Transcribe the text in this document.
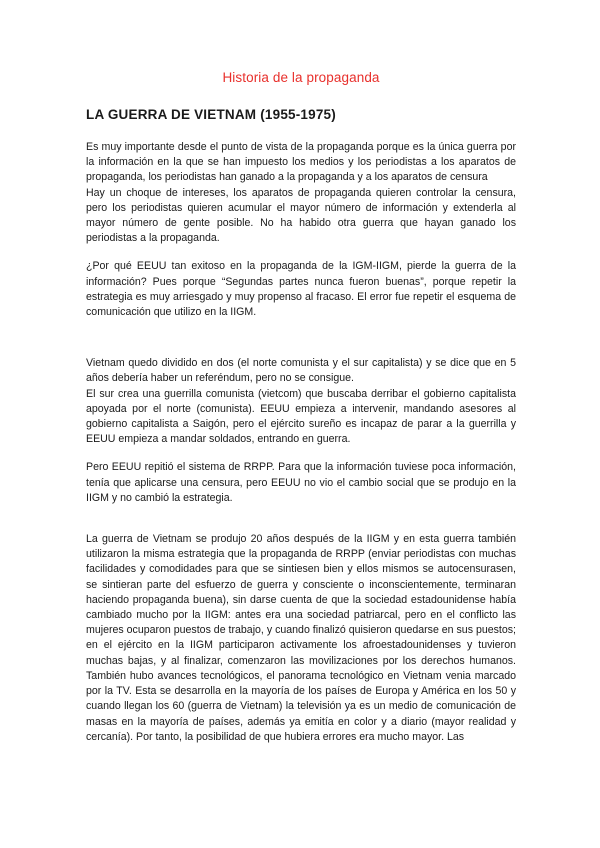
Historia de la propaganda
LA GUERRA DE VIETNAM (1955-1975)

Es muy importante desde el punto de vista de la propaganda porque es la única guerra por la información en la que se han impuesto los medios y los periodistas a los aparatos de propaganda, los periodistas han ganado a la propaganda y a los aparatos de censura

Hay un choque de intereses, los aparatos de propaganda quieren controlar la censura, pero los periodistas quieren acumular el mayor número de información y extenderla al mayor número de gente posible. No ha habido otra guerra que hayan ganado los periodistas a la propaganda.

¿Por qué EEUU tan exitoso en la propaganda de la IGM-IIGM, pierde la guerra de la información? Pues porque “Segundas partes nunca fueron buenas”, porque repetir la estrategia es muy arriesgado y muy propenso al fracaso. El error fue repetir el esquema de comunicación que utilizo en la IIGM.

Vietnam quedo dividido en dos (el norte comunista y el sur capitalista) y se dice que en 5 años debería haber un referéndum, pero no se consigue.

El sur crea una guerrilla comunista (vietcom) que buscaba derribar el gobierno capitalista apoyada por el norte (comunista). EEUU empieza a intervenir, mandando asesores al gobierno capitalista a Saigón, pero el ejército sureño es incapaz de parar a la guerrilla y EEUU empieza a mandar soldados, entrando en guerra.

Pero EEUU repitió el sistema de RRPP. Para que la información tuviese poca información, tenía que aplicarse una censura, pero EEUU no vio el cambio social que se produjo en la IIGM y no cambió la estrategia.

La guerra de Vietnam se produjo 20 años después de la IIGM y en esta guerra también utilizaron la misma estrategia que la propaganda de RRPP (enviar periodistas con muchas facilidades y comodidades para que se sintiesen bien y ellos mismos se autocensurasen, se sintieran parte del esfuerzo de guerra y consciente o inconscientemente, terminaran haciendo propaganda buena), sin darse cuenta de que la sociedad estadounidense había cambiado mucho por la IIGM: antes era una sociedad patriarcal, pero en el conflicto las mujeres ocuparon puestos de trabajo, y cuando finalizó quisieron quedarse en sus puestos; en el ejército en la IIGM participaron activamente los afroestadounidenses y tuvieron muchas bajas, y al finalizar, comenzaron las movilizaciones por los derechos humanos. También hubo avances tecnológicos, el panorama tecnológico en Vietnam venia marcado por la TV. Esta se desarrolla en la mayoría de los países de Europa y América en los 50 y cuando llegan los 60 (guerra de Vietnam) la televisión ya es un medio de comunicación de masas en la mayoría de países, además ya emitía en color y a diario (mayor realidad y cercanía). Por tanto, la posibilidad de que hubiera errores era mucho mayor. Las
